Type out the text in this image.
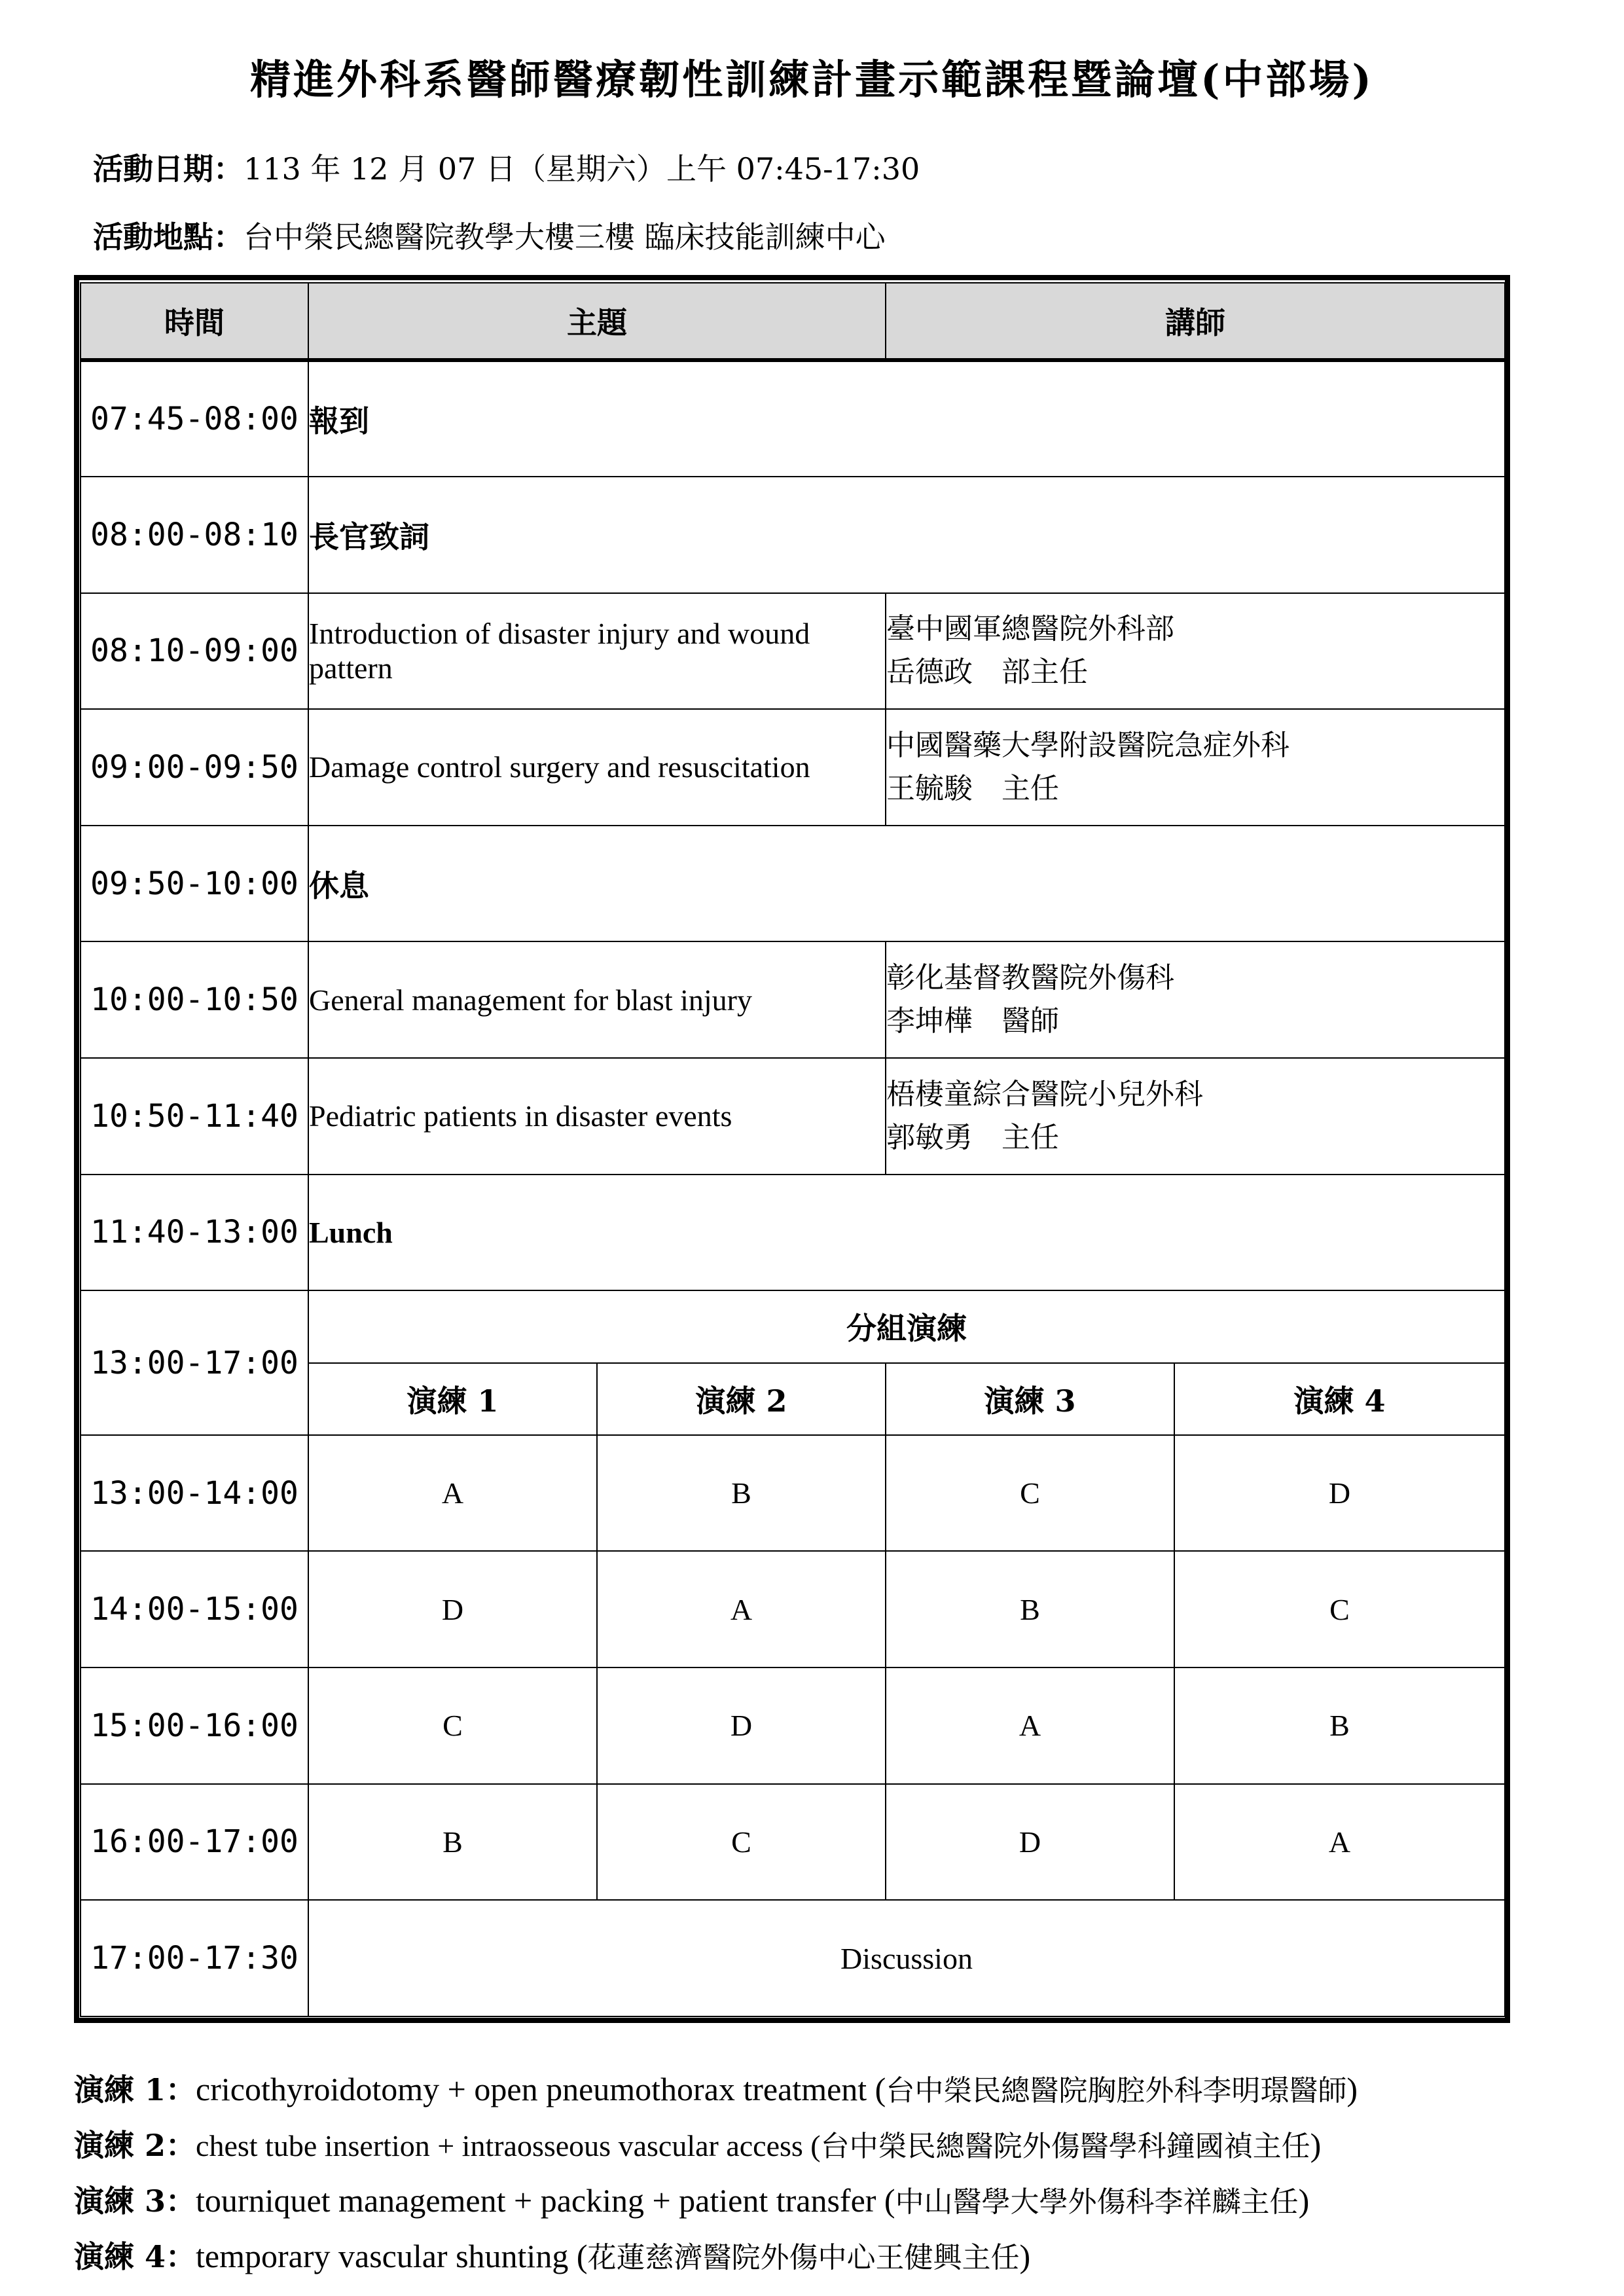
精進外科系醫師醫療韌性訓練計畫示範課程暨論壇(中部場)
活動日期：113 年 12 月 07 日（星期六）上午 07:45-17:30
活動地點：台中榮民總醫院教學大樓三樓 臨床技能訓練中心
時間	主題		講師	
07:45-08:00	報到			
08:00-08:10	長官致詞			
08:10-09:00	Introduction of disaster injury and wound pattern		臺中國軍總醫院外科部
岳德政　部主任	

09:00-09:50	Damage control surgery and resuscitation		中國醫藥大學附設醫院急症外科
王毓駿　主任	

09:50-10:00	休息			
10:00-10:50	General management for blast injury		彰化基督教醫院外傷科
李坤樺　醫師	

10:50-11:40	Pediatric patients in disaster events		梧棲童綜合醫院小兒外科
郭敏勇　主任	

11:40-13:00	Lunch			
13:00-17:00	分組演練			
	演練 1	演練 2	演練 3	演練 4
13:00-14:00	A	B	C	D
14:00-15:00	D	A	B	C
15:00-16:00	C	D	A	B
16:00-17:00	B	C	D	A
17:00-17:30	Discussion			
演練 1：cricothyroidotomy + open pneumothorax treatment (台中榮民總醫院胸腔外科李明璟醫師)
演練 2：chest tube insertion + intraosseous vascular access (台中榮民總醫院外傷醫學科鐘國禎主任)
演練 3：tourniquet management + packing + patient transfer (中山醫學大學外傷科李祥麟主任)
演練 4：temporary vascular shunting (花蓮慈濟醫院外傷中心王健興主任)
